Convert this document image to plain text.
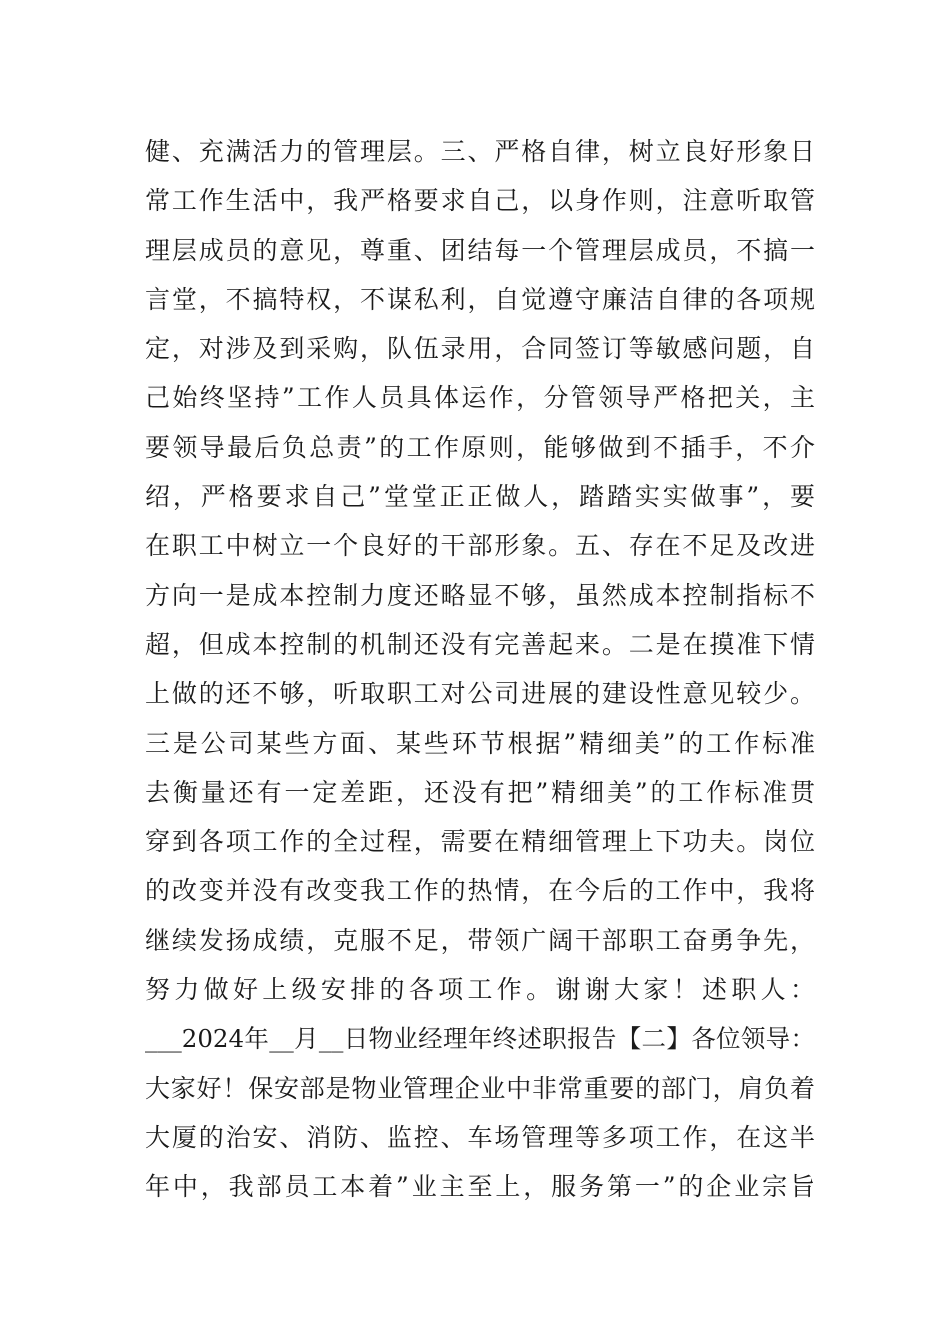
健、充满活力的管理层。三、严格自律，树立良好形象日
常工作生活中，我严格要求自己，以身作则，注意听取管
理层成员的意见，尊重、团结每一个管理层成员，不搞一
言堂，不搞特权，不谋私利，自觉遵守廉洁自律的各项规
定，对涉及到采购，队伍录用，合同签订等敏感问题，自
己始终坚持”工作人员具体运作，分管领导严格把关，主
要领导最后负总责”的工作原则，能够做到不插手，不介
绍，严格要求自己”堂堂正正做人，踏踏实实做事”，要
在职工中树立一个良好的干部形象。五、存在不足及改进
方向一是成本控制力度还略显不够，虽然成本控制指标不
超，但成本控制的机制还没有完善起来。二是在摸准下情
上做的还不够，听取职工对公司进展的建设性意见较少。
三是公司某些方面、某些环节根据”精细美”的工作标准
去衡量还有一定差距，还没有把”精细美”的工作标准贯
穿到各项工作的全过程，需要在精细管理上下功夫。岗位
的改变并没有改变我工作的热情，在今后的工作中，我将
继续发扬成绩，克服不足，带领广阔干部职工奋勇争先，
努力做好上级安排的各项工作。谢谢大家！述职人：
___2024年__月__日物业经理年终述职报告【二】各位领导：
大家好！保安部是物业管理企业中非常重要的部门，肩负着
大厦的治安、消防、监控、车场管理等多项工作，在这半
年中，我部员工本着”业主至上，服务第一”的企业宗旨
